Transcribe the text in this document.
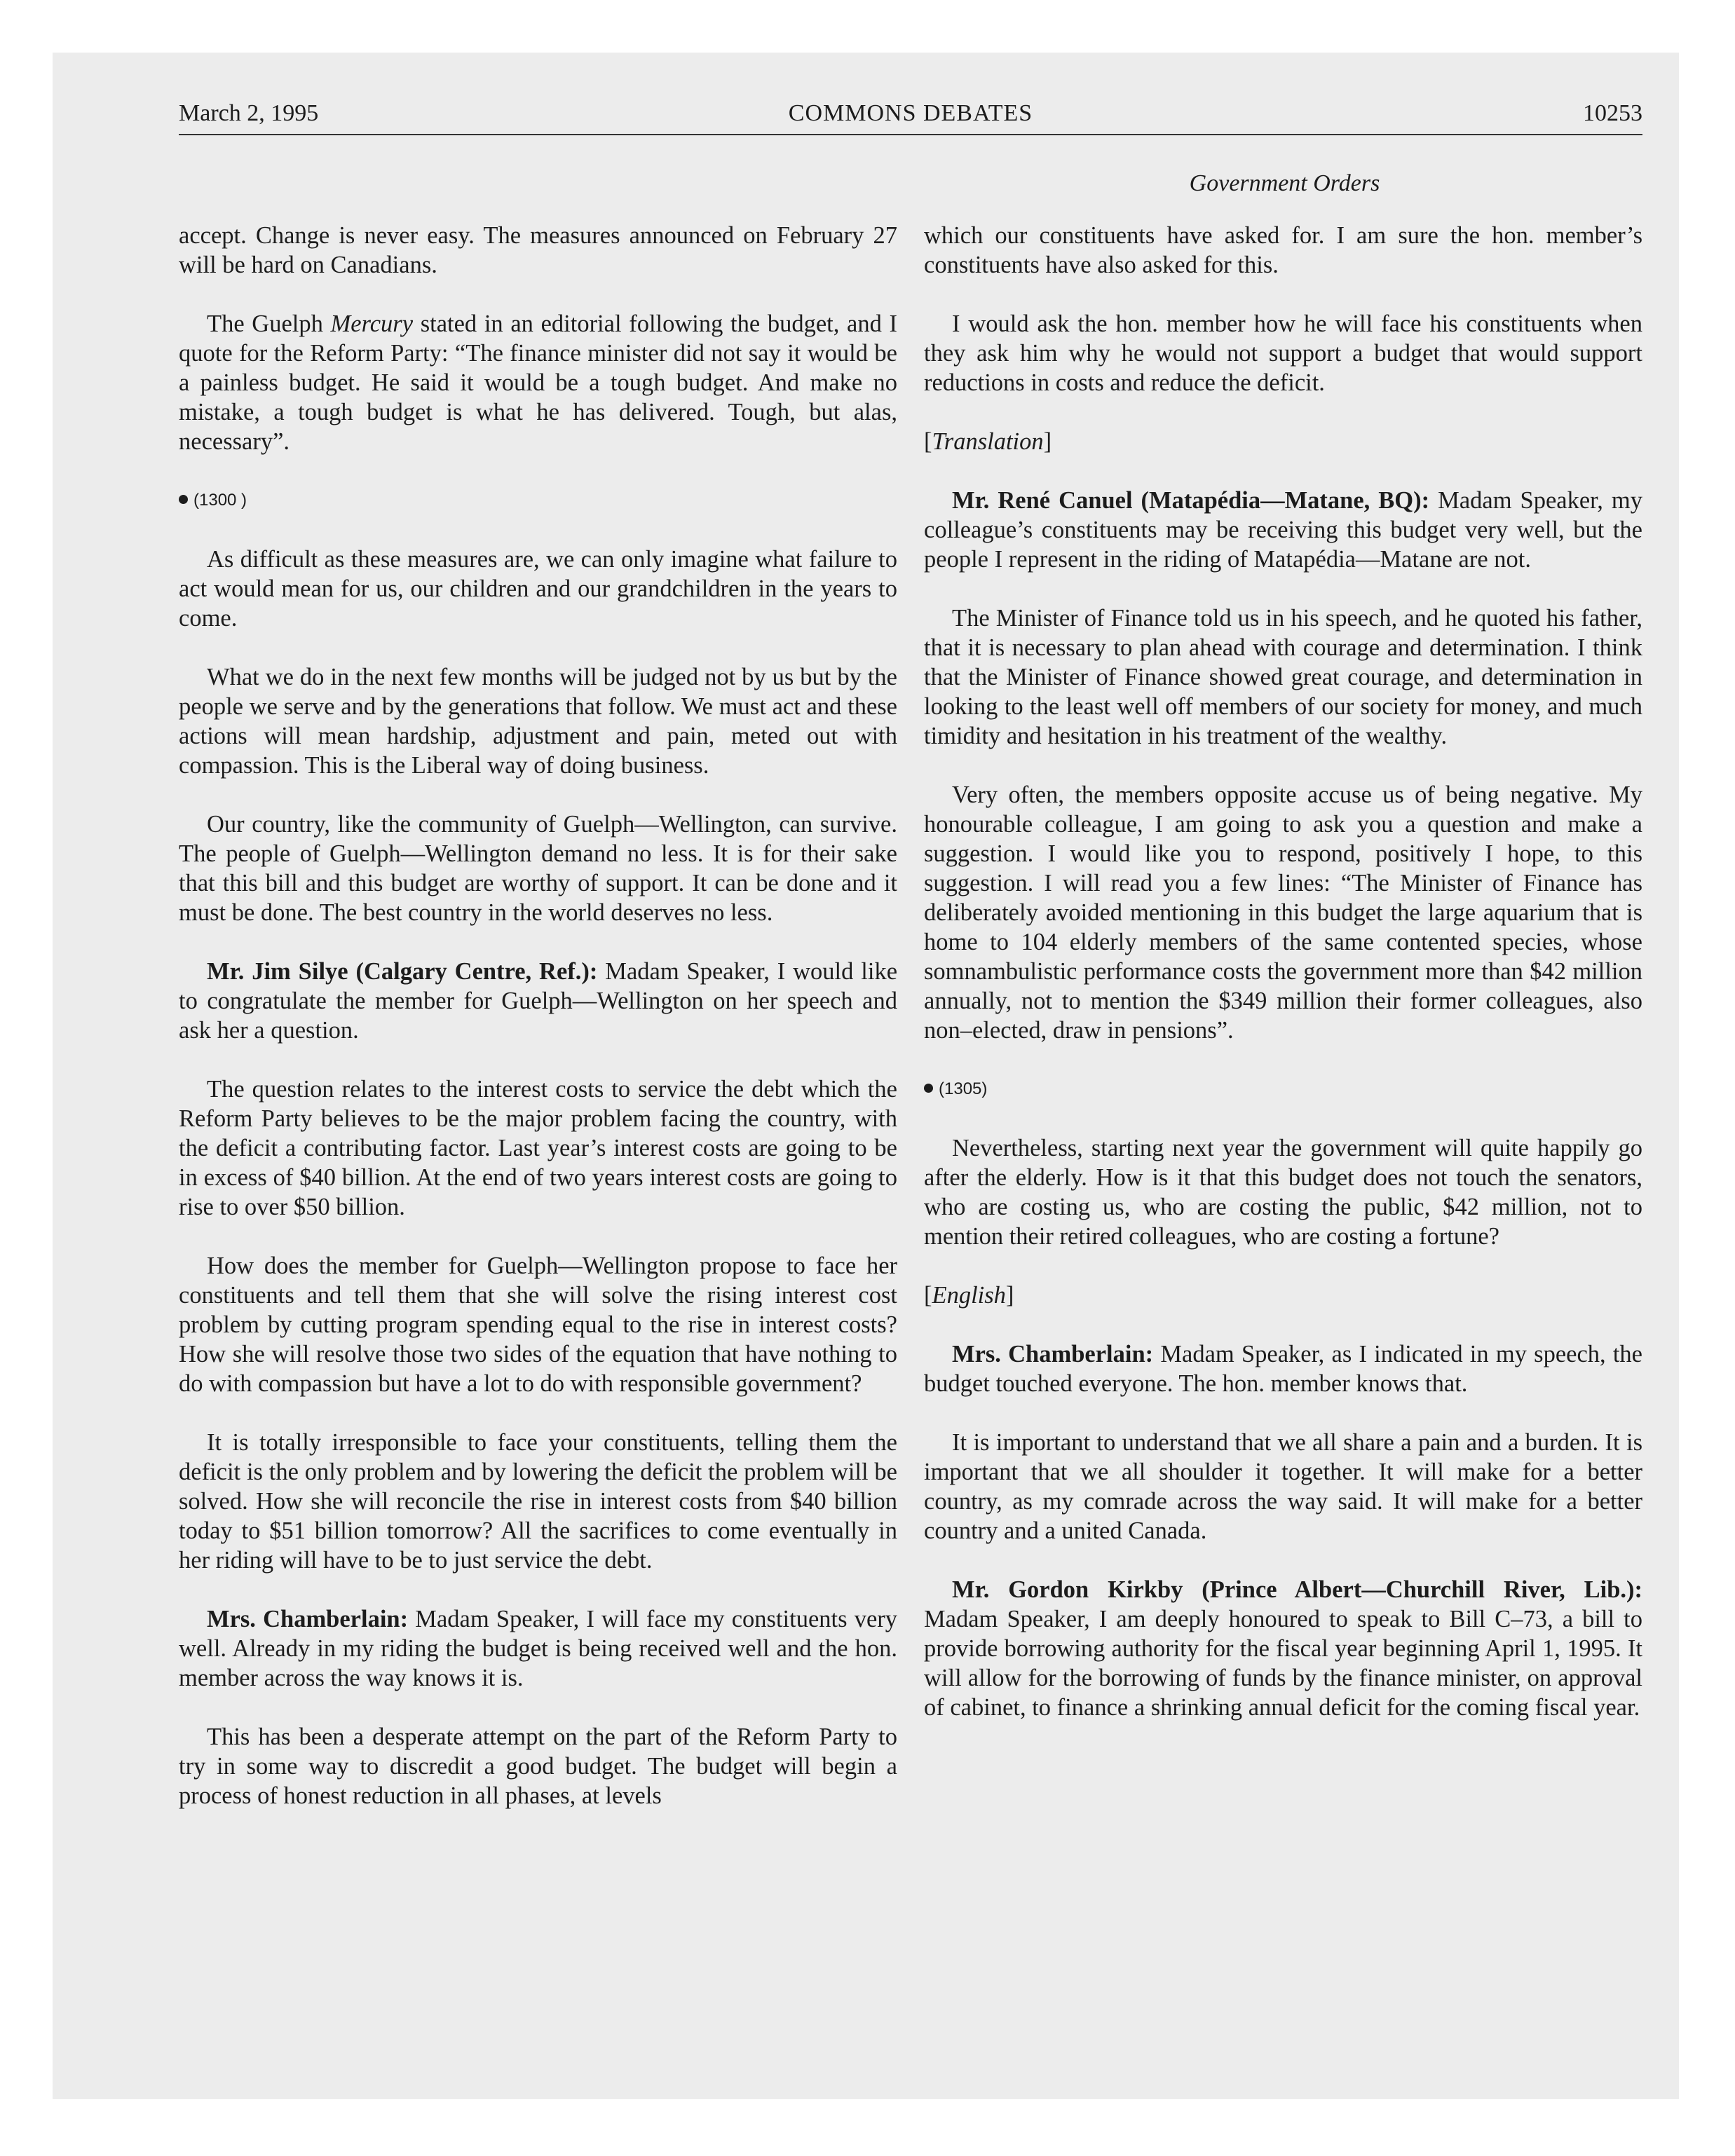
March 2, 1995	COMMONS DEBATES	10253
Government Orders

accept. Change is never easy. The measures announced on February 27 will be hard on Canadians.

The Guelph Mercury stated in an editorial following the budget, and I quote for the Reform Party: “The finance minister did not say it would be a painless budget. He said it would be a tough budget. And make no mistake, a tough budget is what he has delivered. Tough, but alas, necessary”.

(1300 )

As difficult as these measures are, we can only imagine what failure to act would mean for us, our children and our grandchildren in the years to come.

What we do in the next few months will be judged not by us but by the people we serve and by the generations that follow. We must act and these actions will mean hardship, adjustment and pain, meted out with compassion. This is the Liberal way of doing business.

Our country, like the community of Guelph—Wellington, can survive. The people of Guelph—Wellington demand no less. It is for their sake that this bill and this budget are worthy of support. It can be done and it must be done. The best country in the world deserves no less.

Mr. Jim Silye (Calgary Centre, Ref.): Madam Speaker, I would like to congratulate the member for Guelph—Wellington on her speech and ask her a question.

The question relates to the interest costs to service the debt which the Reform Party believes to be the major problem facing the country, with the deficit a contributing factor. Last year’s interest costs are going to be in excess of $40 billion. At the end of two years interest costs are going to rise to over $50 billion.

How does the member for Guelph—Wellington propose to face her constituents and tell them that she will solve the rising interest cost problem by cutting program spending equal to the rise in interest costs? How she will resolve those two sides of the equation that have nothing to do with compassion but have a lot to do with responsible government?

It is totally irresponsible to face your constituents, telling them the deficit is the only problem and by lowering the deficit the problem will be solved. How she will reconcile the rise in interest costs from $40 billion today to $51 billion tomorrow? All the sacrifices to come eventually in her riding will have to be to just service the debt.

Mrs. Chamberlain: Madam Speaker, I will face my constituents very well. Already in my riding the budget is being received well and the hon. member across the way knows it is.

This has been a desperate attempt on the part of the Reform Party to try in some way to discredit a good budget. The budget will begin a process of honest reduction in all phases, at levels

which our constituents have asked for. I am sure the hon. member’s constituents have also asked for this.

I would ask the hon. member how he will face his constituents when they ask him why he would not support a budget that would support reductions in costs and reduce the deficit.

[Translation]

Mr. René Canuel (Matapédia—Matane, BQ): Madam Speaker, my colleague’s constituents may be receiving this budget very well, but the people I represent in the riding of Matapédia—Matane are not.

The Minister of Finance told us in his speech, and he quoted his father, that it is necessary to plan ahead with courage and determination. I think that the Minister of Finance showed great courage, and determination in looking to the least well off members of our society for money, and much timidity and hesitation in his treatment of the wealthy.

Very often, the members opposite accuse us of being negative. My honourable colleague, I am going to ask you a question and make a suggestion. I would like you to respond, positively I hope, to this suggestion. I will read you a few lines: “The Minister of Finance has deliberately avoided mentioning in this budget the large aquarium that is home to 104 elderly members of the same contented species, whose somnambulistic performance costs the government more than $42 million annually, not to mention the $349 million their former colleagues, also non–elected, draw in pensions”.

(1305)

Nevertheless, starting next year the government will quite happily go after the elderly. How is it that this budget does not touch the senators, who are costing us, who are costing the public, $42 million, not to mention their retired colleagues, who are costing a fortune?

[English]

Mrs. Chamberlain: Madam Speaker, as I indicated in my speech, the budget touched everyone. The hon. member knows that.

It is important to understand that we all share a pain and a burden. It is important that we all shoulder it together. It will make for a better country, as my comrade across the way said. It will make for a better country and a united Canada.

Mr. Gordon Kirkby (Prince Albert—Churchill River, Lib.): Madam Speaker, I am deeply honoured to speak to Bill C–73, a bill to provide borrowing authority for the fiscal year beginning April 1, 1995. It will allow for the borrowing of funds by the finance minister, on approval of cabinet, to finance a shrinking annual deficit for the coming fiscal year.
